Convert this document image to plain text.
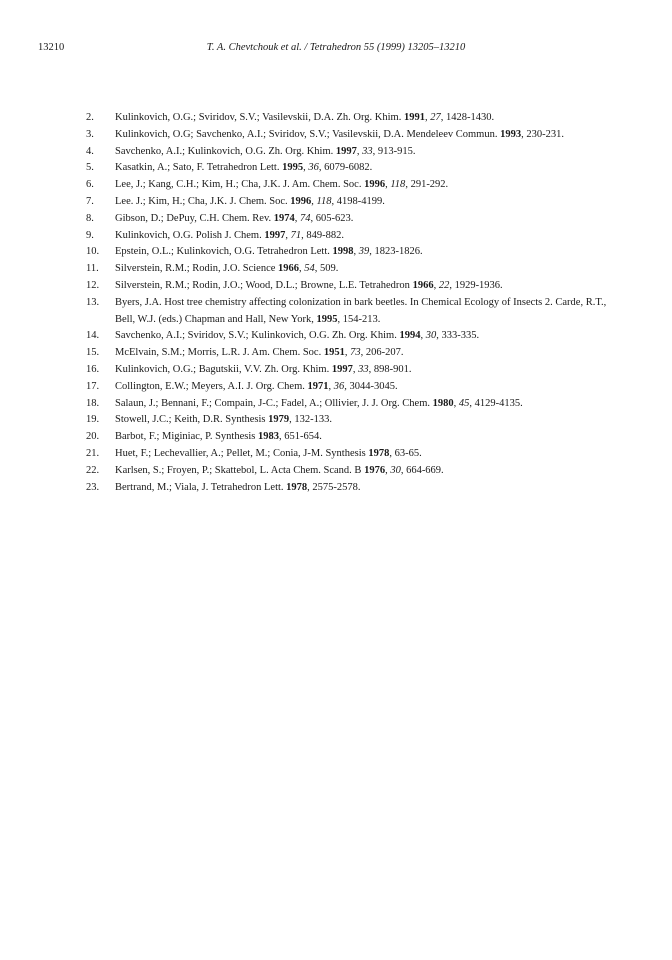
13210	T. A. Chevtchouk et al. / Tetrahedron 55 (1999) 13205–13210
2.	Kulinkovich, O.G.; Sviridov, S.V.; Vasilevskii, D.A. Zh. Org. Khim. 1991, 27, 1428-1430.
3.	Kulinkovich, O.G; Savchenko, A.I.; Sviridov, S.V.; Vasilevskii, D.A. Mendeleev Commun. 1993, 230-231.
4.	Savchenko, A.I.; Kulinkovich, O.G. Zh. Org. Khim. 1997, 33, 913-915.
5.	Kasatkin, A.; Sato, F. Tetrahedron Lett. 1995, 36, 6079-6082.
6.	Lee, J.; Kang, C.H.; Kim, H.; Cha, J.K. J. Am. Chem. Soc. 1996, 118, 291-292.
7.	Lee. J.; Kim, H.; Cha, J.K. J. Chem. Soc. 1996, 118, 4198-4199.
8.	Gibson, D.; DePuy, C.H. Chem. Rev. 1974, 74, 605-623.
9.	Kulinkovich, O.G. Polish J. Chem. 1997, 71, 849-882.
10.	Epstein, O.L.; Kulinkovich, O.G. Tetrahedron Lett. 1998, 39, 1823-1826.
11.	Silverstein, R.M.; Rodin, J.O. Science 1966, 54, 509.
12.	Silverstein, R.M.; Rodin, J.O.; Wood, D.L.; Browne, L.E. Tetrahedron 1966, 22, 1929-1936.
13.	Byers, J.A. Host tree chemistry affecting colonization in bark beetles. In Chemical Ecology of Insects 2. Carde, R.T., Bell, W.J. (eds.) Chapman and Hall, New York, 1995, 154-213.
14.	Savchenko, A.I.; Sviridov, S.V.; Kulinkovich, O.G. Zh. Org. Khim. 1994, 30, 333-335.
15.	McElvain, S.M.; Morris, L.R. J. Am. Chem. Soc. 1951, 73, 206-207.
16.	Kulinkovich, O.G.; Bagutskii, V.V. Zh. Org. Khim. 1997, 33, 898-901.
17.	Collington, E.W.; Meyers, A.I. J. Org. Chem. 1971, 36, 3044-3045.
18.	Salaun, J.; Bennani, F.; Compain, J-C.; Fadel, A.; Ollivier, J. J. Org. Chem. 1980, 45, 4129-4135.
19.	Stowell, J.C.; Keith, D.R. Synthesis 1979, 132-133.
20.	Barbot, F.; Miginiac, P. Synthesis 1983, 651-654.
21.	Huet, F.; Lechevallier, A.; Pellet, M.; Conia, J-M. Synthesis 1978, 63-65.
22.	Karlsen, S.; Froyen, P.; Skattebol, L. Acta Chem. Scand. B 1976, 30, 664-669.
23.	Bertrand, M.; Viala, J. Tetrahedron Lett. 1978, 2575-2578.
